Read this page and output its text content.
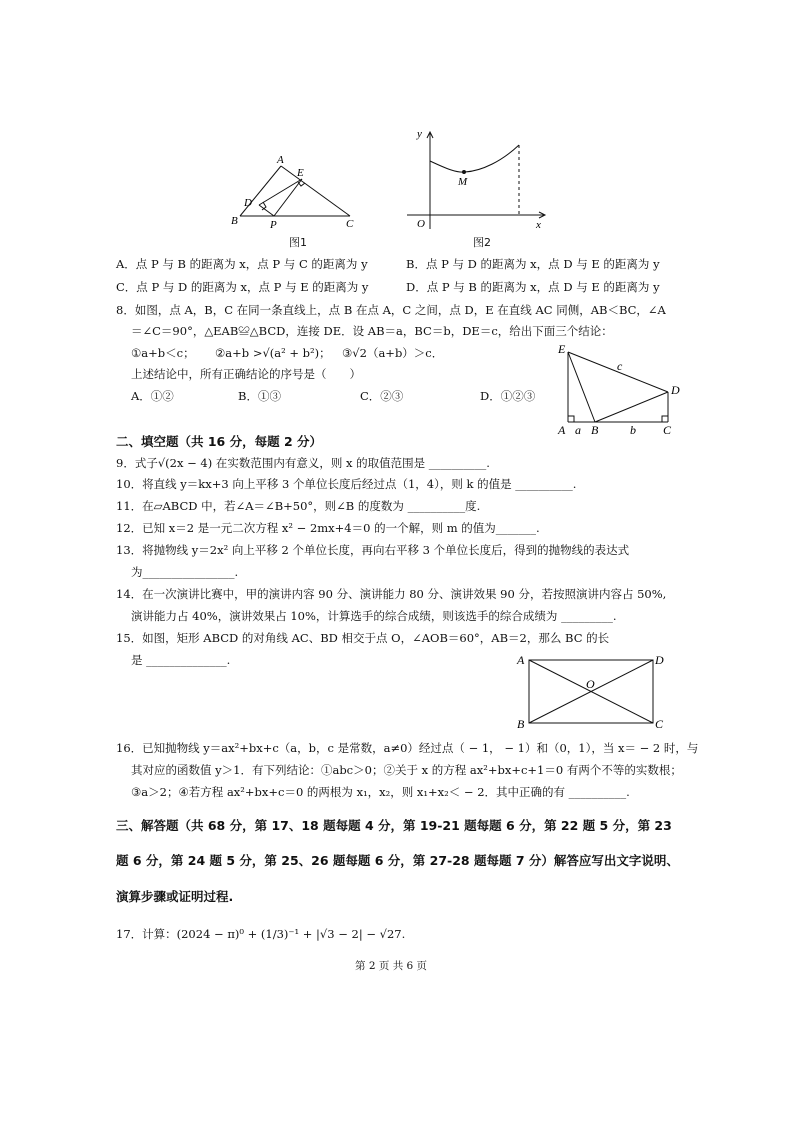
A
E
D
B	P	C
图1
y
M
O	x
图2
A．点 P 与 B 的距离为 x，点 P 与 C 的距离为 y	B．点 P 与 D 的距离为 x，点 D 与 E 的距离为 y
C．点 P 与 D 的距离为 x，点 P 与 E 的距离为 y	D．点 P 与 B 的距离为 x，点 D 与 E 的距离为 y
8．如图，点 A，B，C 在同一条直线上，点 B 在点 A，C 之间，点 D，E 在直线 AC 同侧，AB＜BC，∠A
＝∠C＝90°，△EAB≌△BCD，连接 DE．设 AB＝a，BC＝b，DE＝c，给出下面三个结论：
①a+b＜c； ②a+b >√(a² + b²)； ③√2（a+b）＞c．
上述结论中，所有正确结论的序号是（　　）
A．①②	B．①③	C．②③	D．①②③
E
c
D
A a B	b C
二、填空题（共 16 分，每题 2 分）
9．式子√(2x − 4) 在实数范围内有意义，则 x 的取值范围是 __________.
10．将直线 y＝kx+3 向上平移 3 个单位长度后经过点（1，4），则 k 的值是 __________.
11．在▱ABCD 中，若∠A＝∠B+50°，则∠B 的度数为 __________度.
12．已知 x＝2 是一元二次方程 x² − 2mx+4＝0 的一个解，则 m 的值为_______.
13．将抛物线 y＝2x² 向上平移 2 个单位长度，再向右平移 3 个单位长度后，得到的抛物线的表达式
为________________.
14．在一次演讲比赛中，甲的演讲内容 90 分、演讲能力 80 分、演讲效果 90 分，若按照演讲内容占 50%,
演讲能力占 40%，演讲效果占 10%，计算选手的综合成绩，则该选手的综合成绩为 _________.
15．如图，矩形 ABCD 的对角线 AC、BD 相交于点 O，∠AOB＝60°，AB＝2，那么 BC 的长
是 ______________.	A	D
O
B	C
16．已知抛物线 y＝ax²+bx+c（a，b，c 是常数，a≠0）经过点（ − 1， − 1）和（0，1），当 x＝ − 2 时，与
其对应的函数值 y＞1．有下列结论：①abc＞0；②关于 x 的方程 ax²+bx+c+1＝0 有两个不等的实数根；
③a＞2；④若方程 ax²+bx+c＝0 的两根为 x₁，x₂，则 x₁+x₂＜ − 2．其中正确的有 __________.
三、解答题（共 68 分，第 17、18 题每题 4 分，第 19-21 题每题 6 分，第 22 题 5 分，第 23
题 6 分，第 24 题 5 分，第 25、26 题每题 6 分，第 27-28 题每题 7 分）解答应写出文字说明、
演算步骤或证明过程.
17．计算：(2024 − π)⁰ + (1/3)⁻¹ + |√3 − 2| − √27.
第 2 页 共 6 页
